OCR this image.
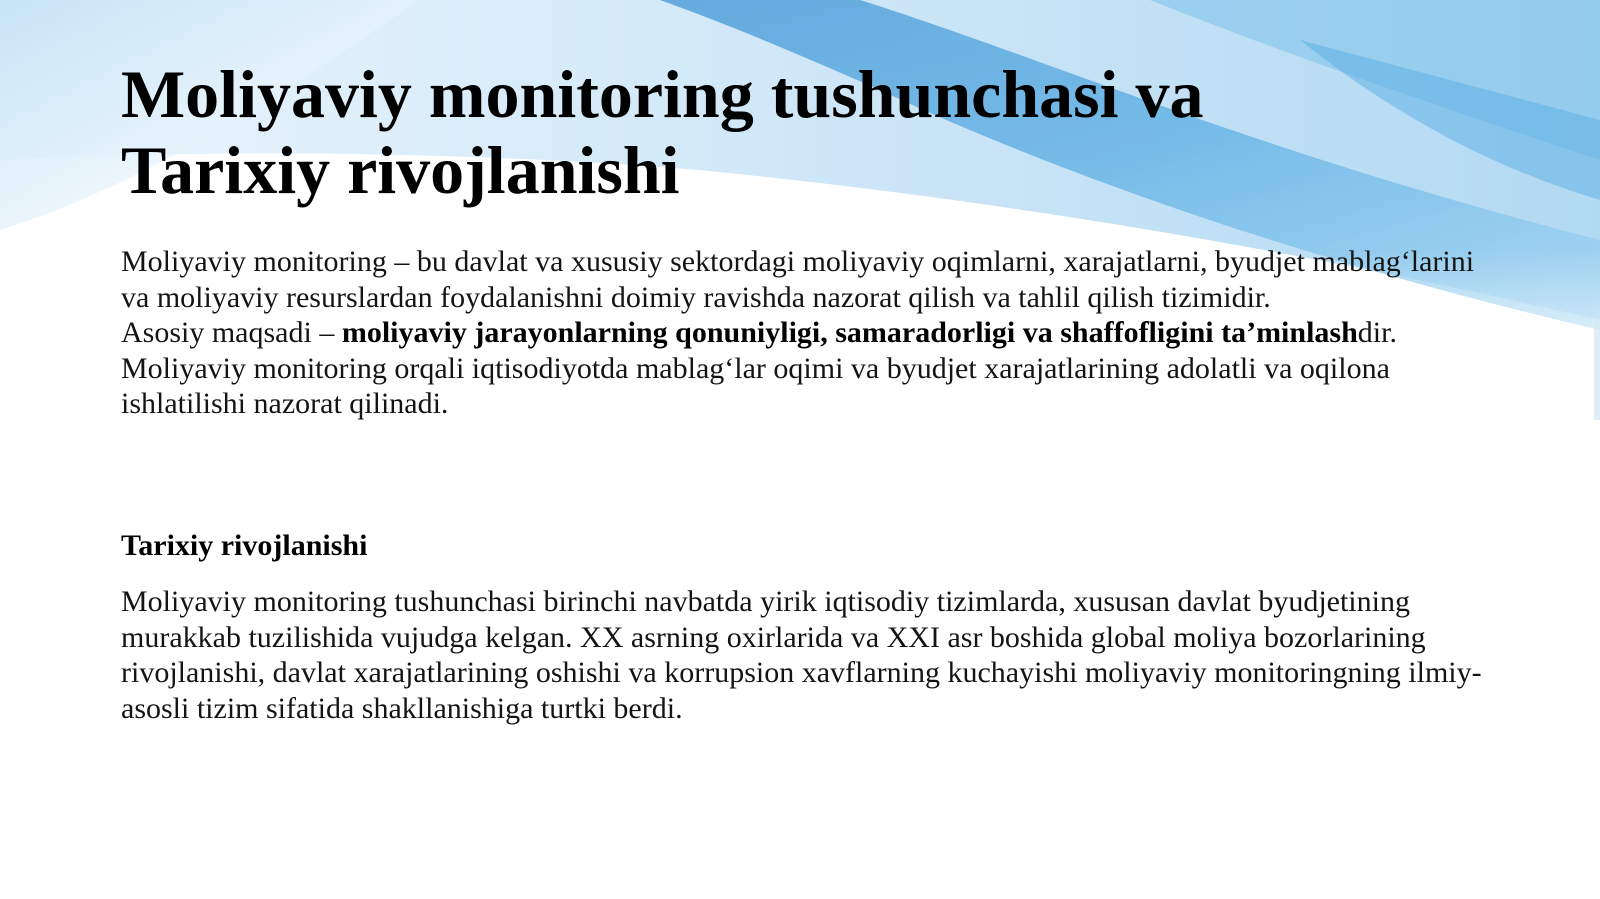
Moliyaviy monitoring tushunchasi va
Tarixiy rivojlanishi

Moliyaviy monitoring – bu davlat va xususiy sektordagi moliyaviy oqimlarni, xarajatlarni, byudjet mablag‘larini va moliyaviy resurslardan foydalanishni doimiy ravishda nazorat qilish va tahlil qilish tizimidir.

Asosiy maqsadi – moliyaviy jarayonlarning qonuniyligi, samaradorligi va shaffofligini ta’minlashdir. Moliyaviy monitoring orqali iqtisodiyotda mablag‘lar oqimi va byudjet xarajatlarining adolatli va oqilona ishlatilishi nazorat qilinadi.

Tarixiy rivojlanishi

Moliyaviy monitoring tushunchasi birinchi navbatda yirik iqtisodiy tizimlarda, xususan davlat byudjetining murakkab tuzilishida vujudga kelgan. XX asrning oxirlarida va XXI asr boshida global moliya bozorlarining rivojlanishi, davlat xarajatlarining oshishi va korrupsion xavflarning kuchayishi moliyaviy monitoringning ilmiy-asosli tizim sifatida shakllanishiga turtki berdi.
